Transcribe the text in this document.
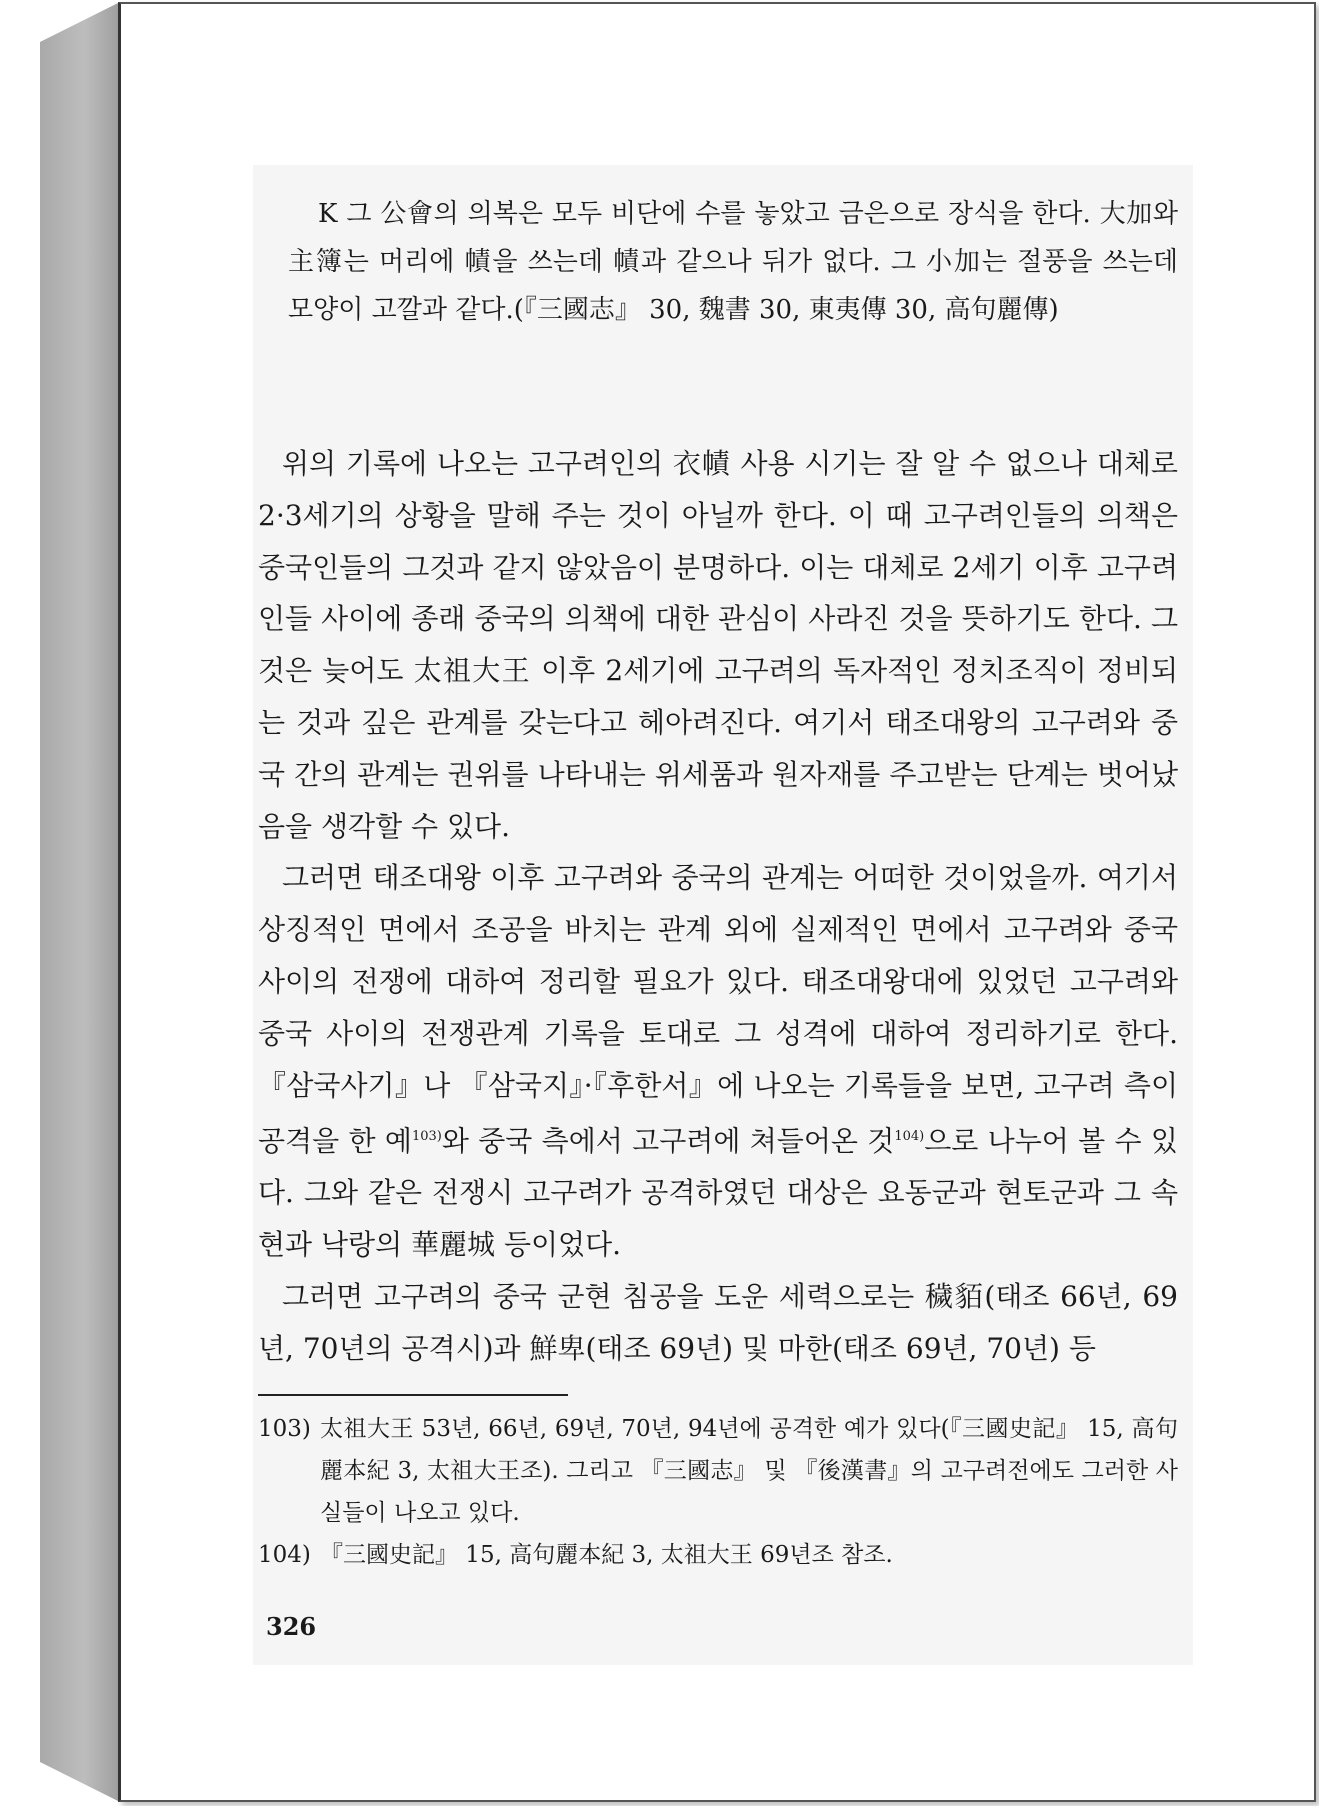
K 그 公會의 의복은 모두 비단에 수를 놓았고 금은으로 장식을 한다. 大加와 主簿는 머리에 幘을 쓰는데 幘과 같으나 뒤가 없다. 그 小加는 절풍을 쓰는데 모양이 고깔과 같다.(『三國志』 30, 魏書 30, 東夷傳 30, 高句麗傳)

위의 기록에 나오는 고구려인의 衣幘 사용 시기는 잘 알 수 없으나 대체로 2·3세기의 상황을 말해 주는 것이 아닐까 한다. 이 때 고구려인들의 의책은 중국인들의 그것과 같지 않았음이 분명하다. 이는 대체로 2세기 이후 고구려인들 사이에 종래 중국의 의책에 대한 관심이 사라진 것을 뜻하기도 한다. 그것은 늦어도 太祖大王 이후 2세기에 고구려의 독자적인 정치조직이 정비되는 것과 깊은 관계를 갖는다고 헤아려진다. 여기서 태조대왕의 고구려와 중국 간의 관계는 권위를 나타내는 위세품과 원자재를 주고받는 단계는 벗어났음을 생각할 수 있다.

그러면 태조대왕 이후 고구려와 중국의 관계는 어떠한 것이었을까. 여기서 상징적인 면에서 조공을 바치는 관계 외에 실제적인 면에서 고구려와 중국 사이의 전쟁에 대하여 정리할 필요가 있다. 태조대왕대에 있었던 고구려와 중국 사이의 전쟁관계 기록을 토대로 그 성격에 대하여 정리하기로 한다. 『삼국사기』나 『삼국지』·『후한서』에 나오는 기록들을 보면, 고구려 측이 공격을 한 예$^{103)}$와 중국 측에서 고구려에 쳐들어온 것$^{104)}$으로 나누어 볼 수 있다. 그와 같은 전쟁시 고구려가 공격하였던 대상은 요동군과 현토군과 그 속현과 낙랑의 華麗城 등이었다.

그러면 고구려의 중국 군현 침공을 도운 세력으로는 穢貊(태조 66년, 69년, 70년의 공격시)과 鮮卑(태조 69년) 및 마한(태조 69년, 70년) 등

103) 太祖大王 53년, 66년, 69년, 70년, 94년에 공격한 예가 있다(『三國史記』 15, 高句麗本紀 3, 太祖大王조). 그리고 『三國志』 및 『後漢書』의 고구려전에도 그러한 사실들이 나오고 있다.
104) 『三國史記』 15, 高句麗本紀 3, 太祖大王 69년조 참조.
326
